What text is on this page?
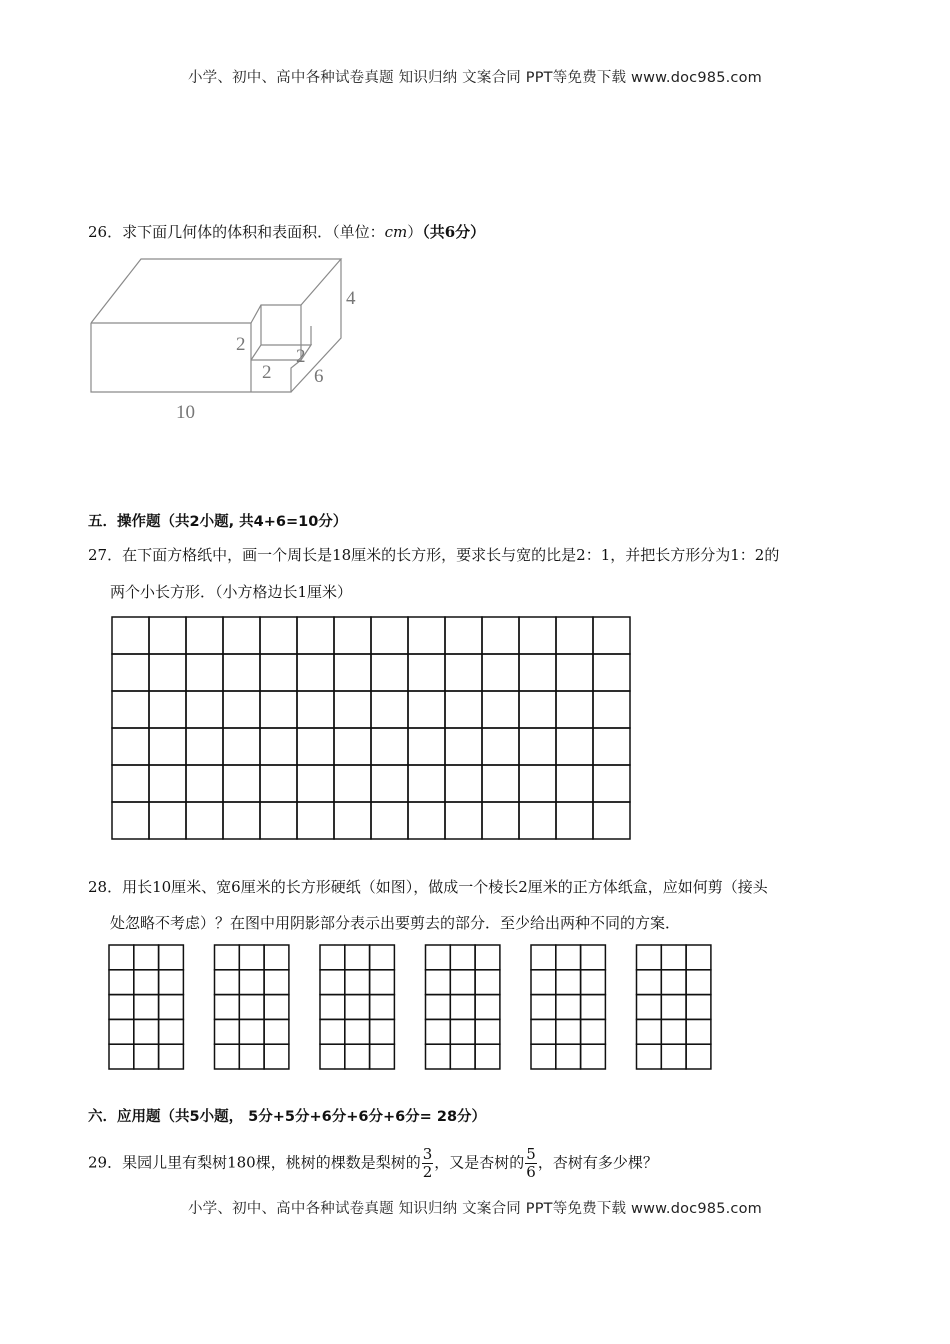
小学、初中、高中各种试卷真题 知识归纳 文案合同 PPT等免费下载 www.doc985.com
26．求下面几何体的体积和表面积．（单位：cm）（共6分）
4
2
2
2
6
10
五．操作题（共2小题, 共4+6=10分）
27．在下面方格纸中，画一个周长是18厘米的长方形，要求长与宽的比是2：1，并把长方形分为1：2的
两个小长方形．（小方格边长1厘米）
28．用长10厘米、宽6厘米的长方形硬纸（如图），做成一个棱长2厘米的正方体纸盒，应如何剪（接头
处忽略不考虑）？在图中用阴影部分表示出要剪去的部分．至少给出两种不同的方案．
六．应用题（共5小题， 5分+5分+6分+6分+6分= 28分）
29．果园儿里有梨树180棵，桃树的棵数是梨树的 $\frac{3}{2}$ ，又是杏树的 $\frac{5}{6}$ ，杏树有多少棵？
小学、初中、高中各种试卷真题 知识归纳 文案合同 PPT等免费下载 www.doc985.com
